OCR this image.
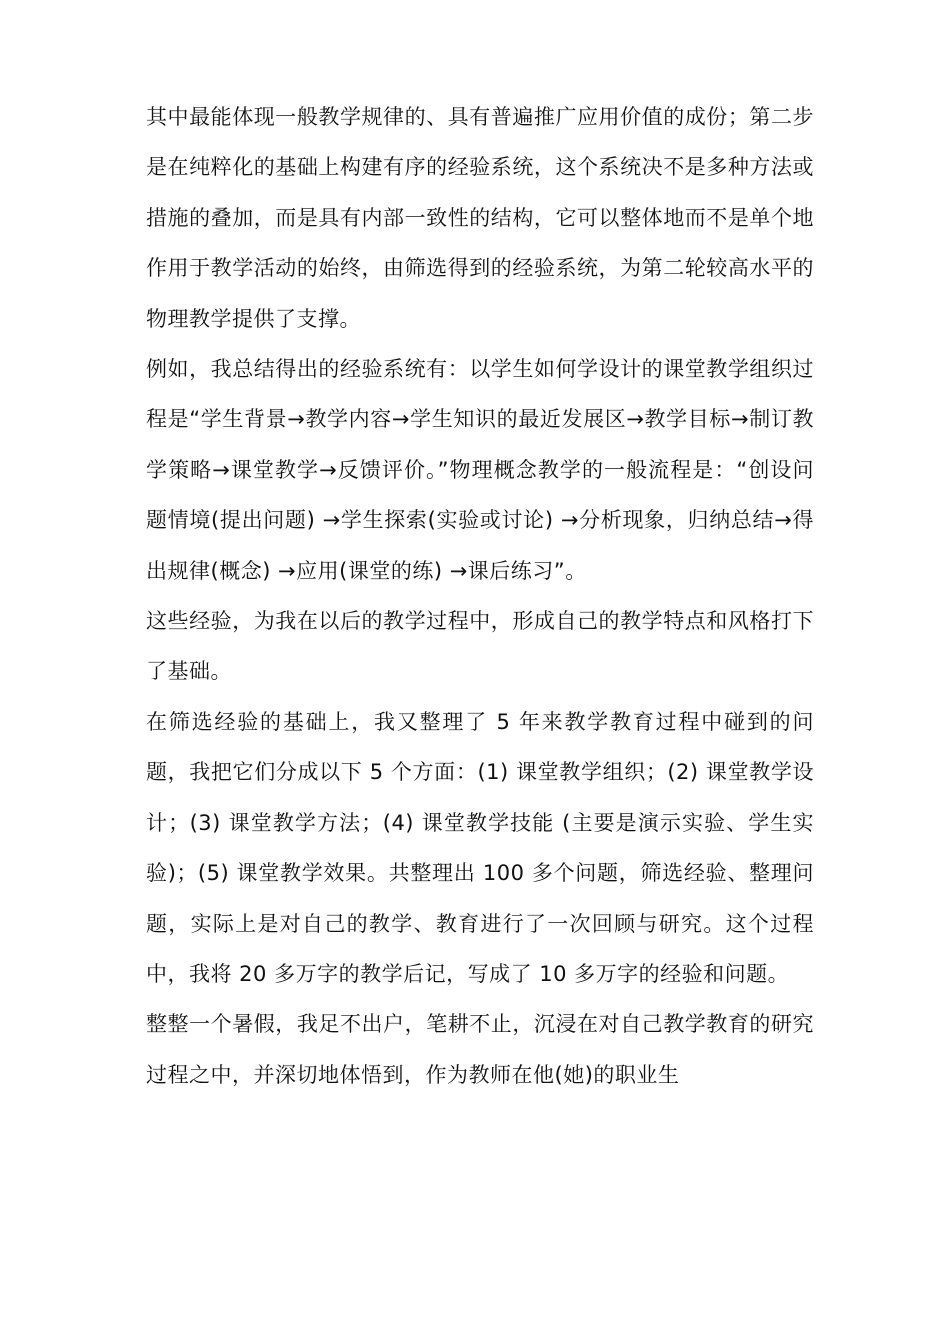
其中最能体现一般教学规律的、具有普遍推广应用价值的成份；第二步是在纯粹化的基础上构建有序的经验系统，这个系统决不是多种方法或措施的叠加，而是具有内部一致性的结构，它可以整体地而不是单个地作用于教学活动的始终，由筛选得到的经验系统，为第二轮较高水平的物理教学提供了支撑。

例如，我总结得出的经验系统有：以学生如何学设计的课堂教学组织过程是“学生背景→教学内容→学生知识的最近发展区→教学目标→制订教学策略→课堂教学→反馈评价。”物理概念教学的一般流程是：“创设问题情境(提出问题) →学生探索(实验或讨论) →分析现象，归纳总结→得出规律(概念) →应用(课堂的练) →课后练习”。

这些经验，为我在以后的教学过程中，形成自己的教学特点和风格打下了基础。

在筛选经验的基础上，我又整理了 5 年来教学教育过程中碰到的问题，我把它们分成以下 5 个方面：(1) 课堂教学组织；(2) 课堂教学设计；(3) 课堂教学方法；(4) 课堂教学技能 (主要是演示实验、学生实验)；(5) 课堂教学效果。共整理出 100 多个问题，筛选经验、整理问题，实际上是对自己的教学、教育进行了一次回顾与研究。这个过程中，我将 20 多万字的教学后记，写成了 10 多万字的经验和问题。

整整一个暑假，我足不出户，笔耕不止，沉浸在对自己教学教育的研究过程之中，并深切地体悟到，作为教师在他(她)的职业生
